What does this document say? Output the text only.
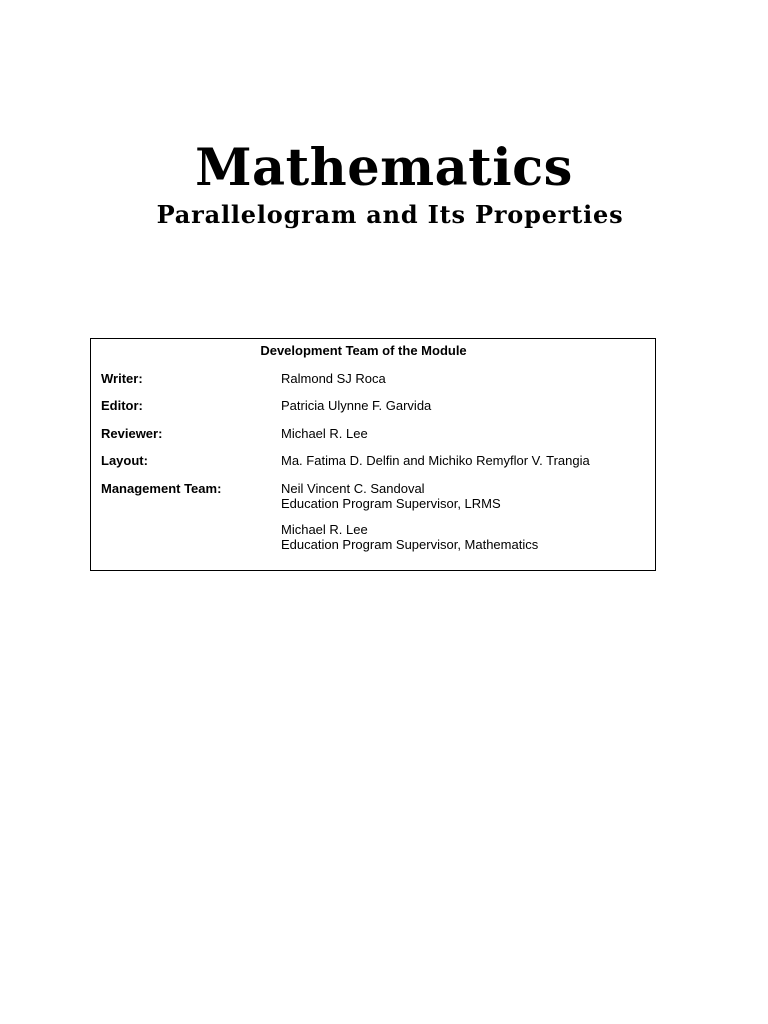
Mathematics
Parallelogram and Its Properties
Development Team of the Module
Writer:	Ralmond SJ Roca
Editor:	Patricia Ulynne F. Garvida
Reviewer:	Michael R. Lee
Layout:	Ma. Fatima D. Delfin and Michiko Remyflor V. Trangia
Management Team:	Neil Vincent C. Sandoval
Education Program Supervisor, LRMS
Michael R. Lee
Education Program Supervisor, Mathematics
